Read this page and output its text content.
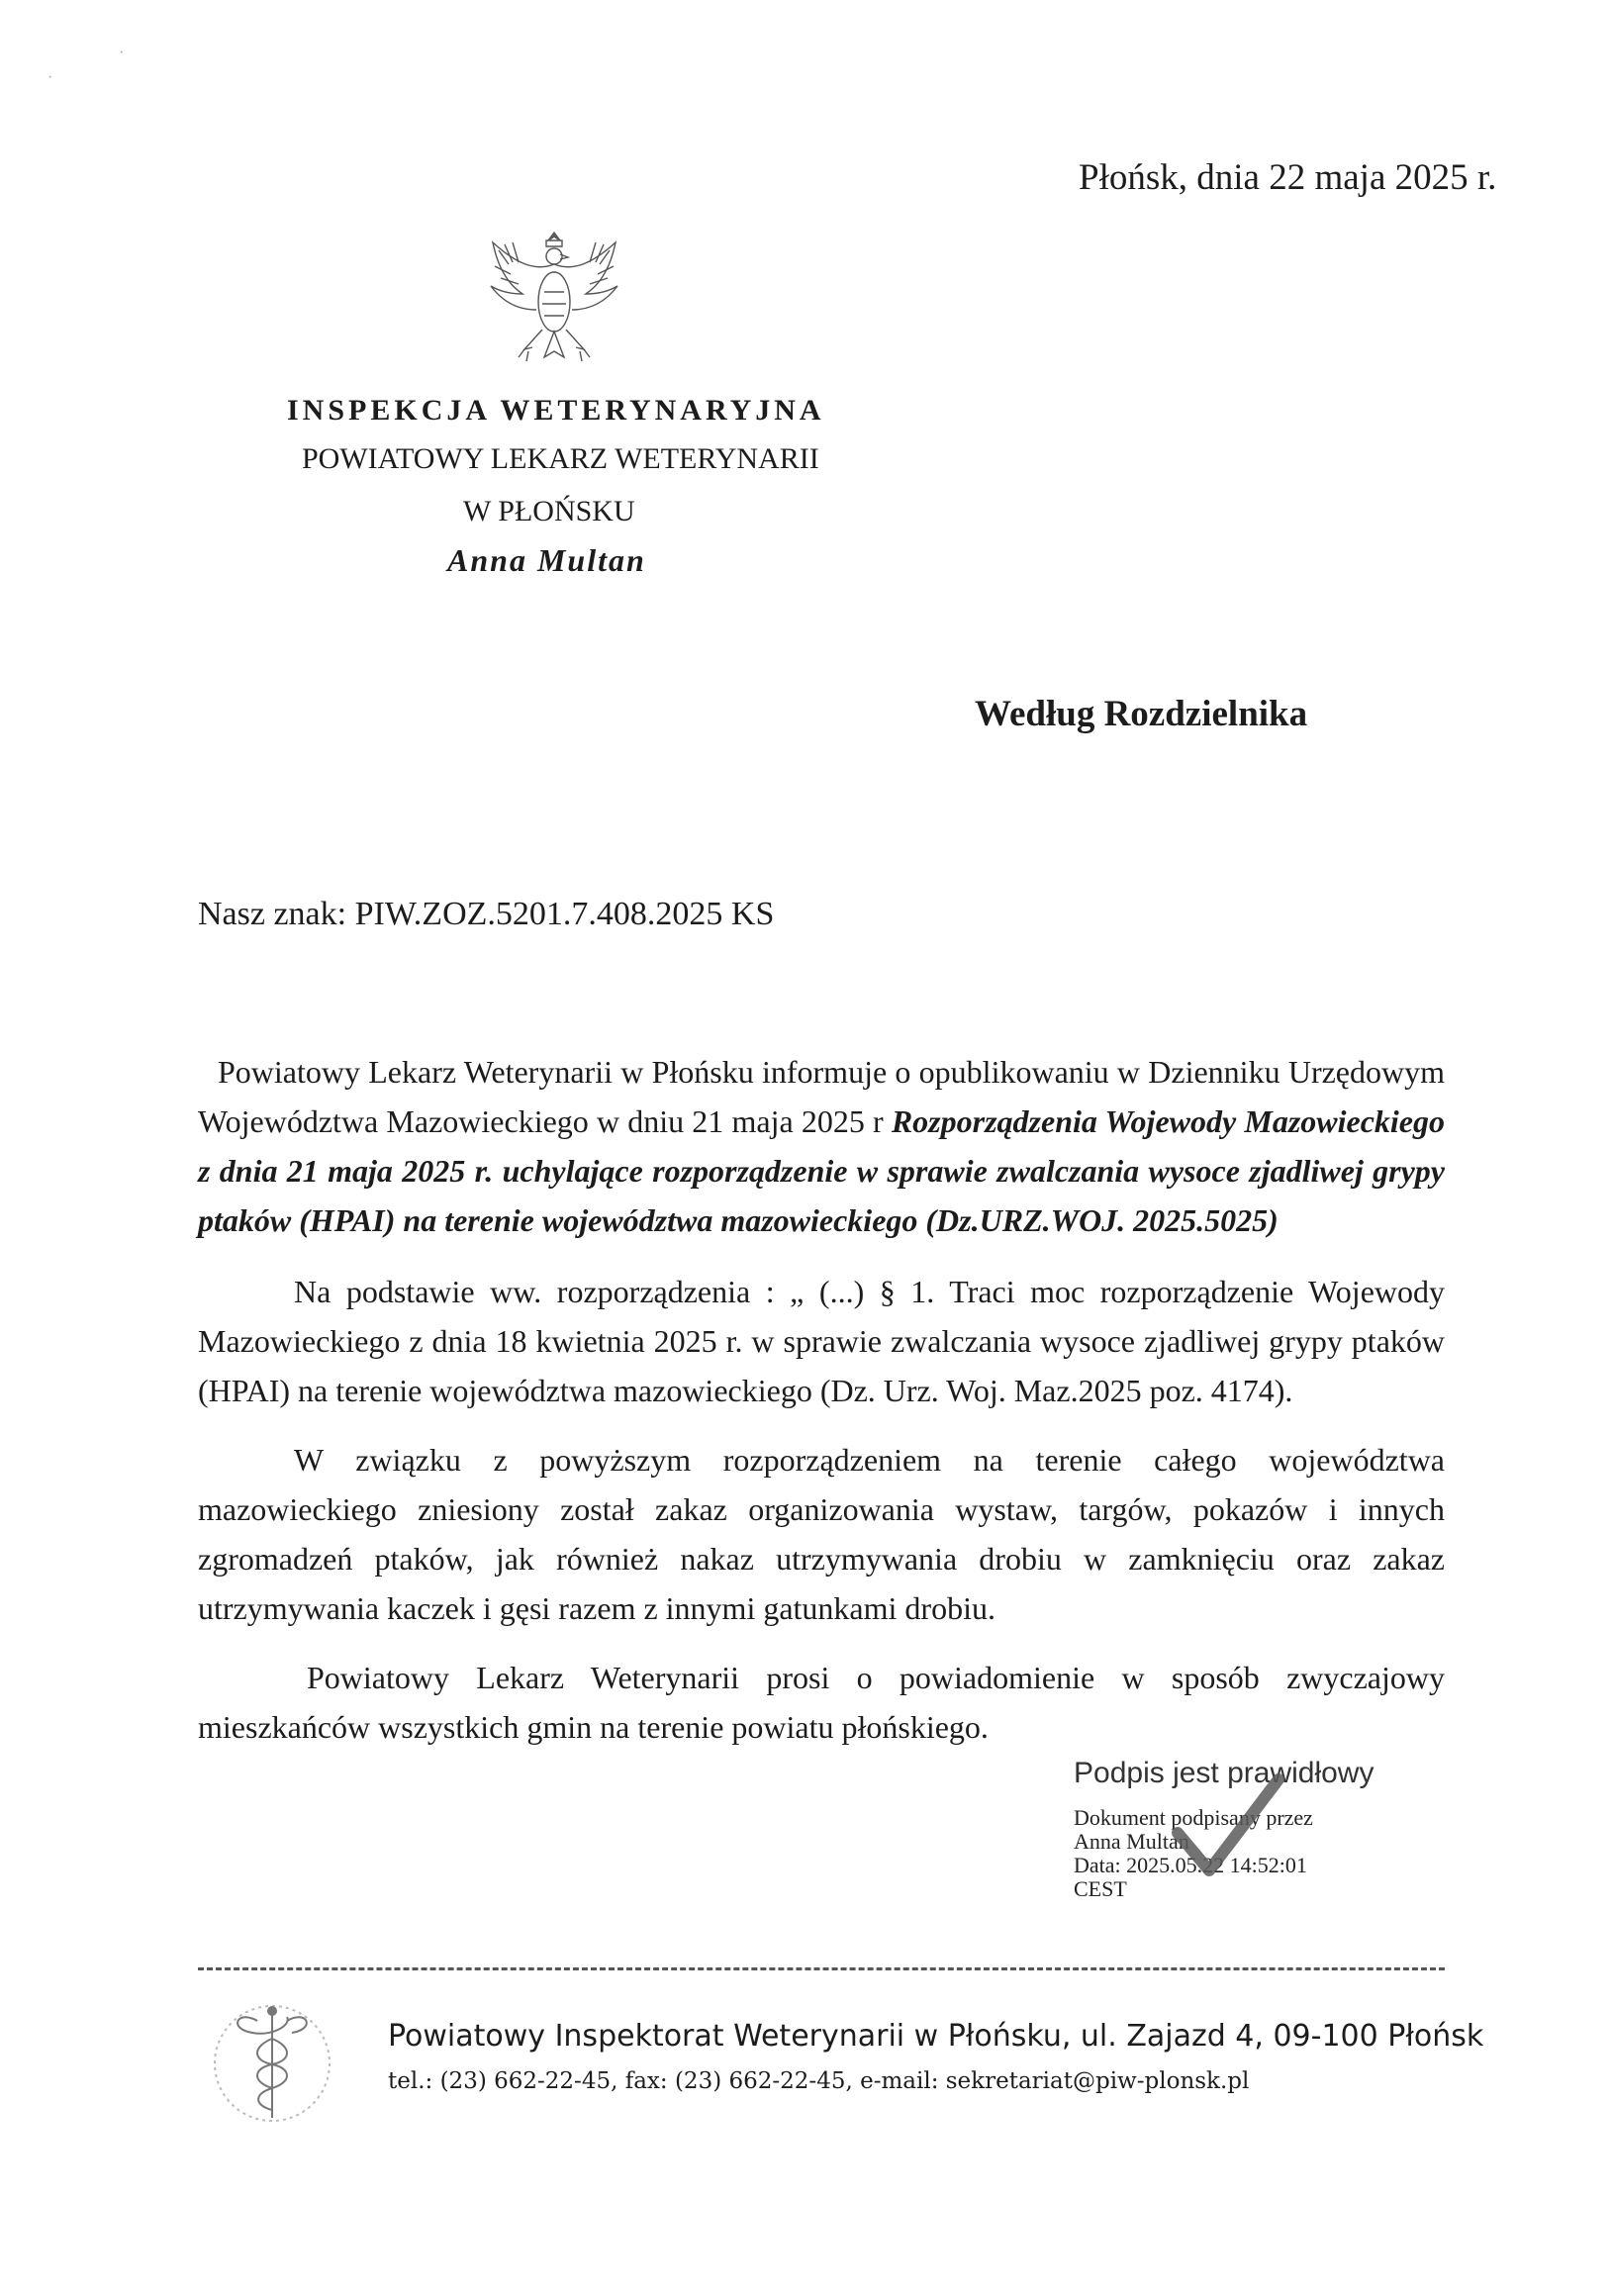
·
·
Płońsk, dnia 22 maja 2025 r.
INSPEKCJA WETERYNARYJNA
POWIATOWY LEKARZ WETERYNARII
W PŁOŃSKU
Anna Multan
Według Rozdzielnika
Nasz znak: PIW.ZOZ.5201.7.408.2025 KS
Powiatowy Lekarz Weterynarii w Płońsku informuje o opublikowaniu w Dzienniku Urzędowym Województwa Mazowieckiego w dniu 21 maja 2025 r Rozporządzenia Wojewody Mazowieckiego z dnia 21 maja 2025 r. uchylające rozporządzenie w sprawie zwalczania wysoce zjadliwej grypy ptaków (HPAI) na terenie województwa mazowieckiego (Dz.URZ.WOJ. 2025.5025)
Na podstawie ww. rozporządzenia : „ (...) § 1. Traci moc rozporządzenie Wojewody Mazowieckiego z dnia 18 kwietnia 2025 r. w sprawie zwalczania wysoce zjadliwej grypy ptaków (HPAI) na terenie województwa mazowieckiego (Dz. Urz. Woj. Maz.2025 poz. 4174).
W związku z powyższym rozporządzeniem na terenie całego województwa mazowieckiego zniesiony został zakaz organizowania wystaw, targów, pokazów i innych zgromadzeń ptaków, jak również nakaz utrzymywania drobiu w zamknięciu oraz zakaz utrzymywania kaczek i gęsi razem z innymi gatunkami drobiu.
Powiatowy Lekarz Weterynarii prosi o powiadomienie w sposób zwyczajowy mieszkańców wszystkich gmin na terenie powiatu płońskiego.
Podpis jest prawidłowy
Dokument podpisany przez
Anna Multan
Data: 2025.05.22 14:52:01
CEST
Powiatowy Inspektorat Weterynarii w Płońsku, ul. Zajazd 4, 09-100 Płońsk
tel.: (23) 662-22-45, fax: (23) 662-22-45, e-mail: sekretariat@piw-plonsk.pl
